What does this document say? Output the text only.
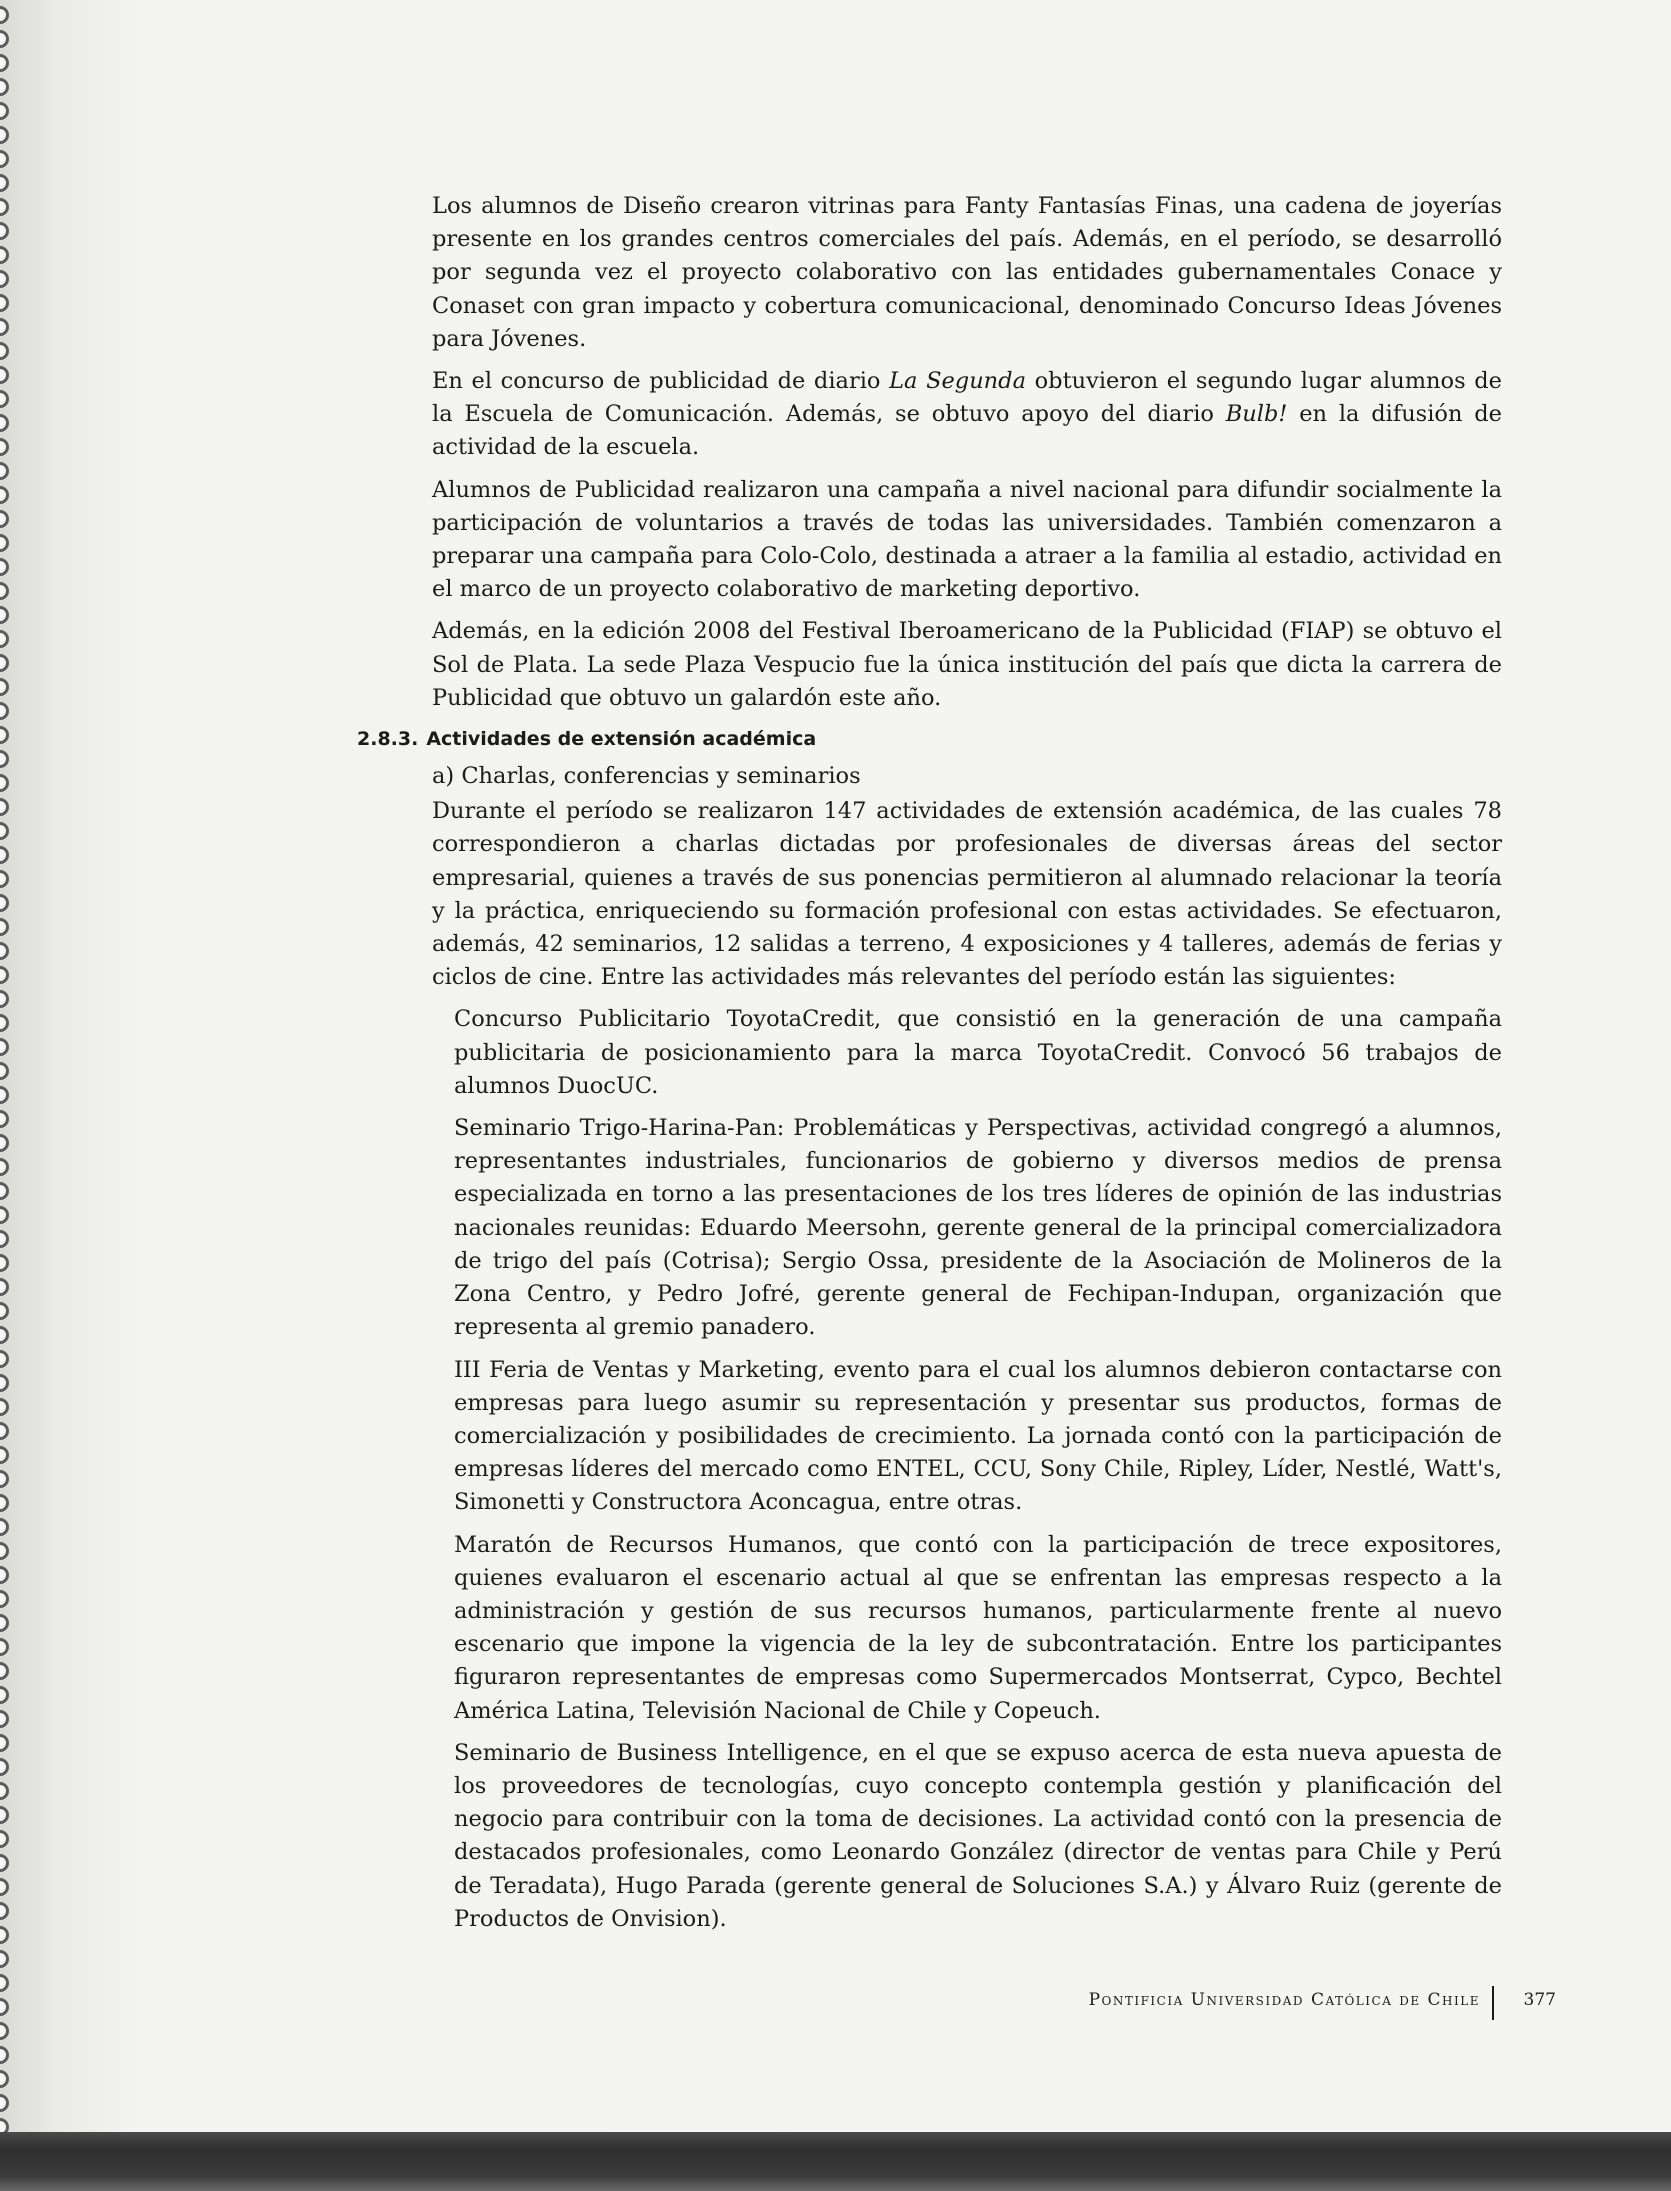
Los alumnos de Diseño crearon vitrinas para Fanty Fantasías Finas, una cadena de joyerías presente en los grandes centros comerciales del país. Además, en el período, se desarrolló por segunda vez el proyecto colaborativo con las entidades gubernamentales Conace y Conaset con gran impacto y cobertura comunicacional, denominado Concurso Ideas Jóvenes para Jóvenes.

En el concurso de publicidad de diario La Segunda obtuvieron el segundo lugar alumnos de la Escuela de Comunicación. Además, se obtuvo apoyo del diario Bulb! en la difusión de actividad de la escuela.

Alumnos de Publicidad realizaron una campaña a nivel nacional para difundir socialmente la participación de voluntarios a través de todas las universidades. También comenzaron a preparar una campaña para Colo-Colo, destinada a atraer a la familia al estadio, actividad en el marco de un proyecto colaborativo de marketing deportivo.

Además, en la edición 2008 del Festival Iberoamericano de la Publicidad (FIAP) se obtuvo el Sol de Plata. La sede Plaza Vespucio fue la única institución del país que dicta la carrera de Publicidad que obtuvo un galardón este año.

2.8.3. Actividades de extensión académica
a) Charlas, conferencias y seminarios

Durante el período se realizaron 147 actividades de extensión académica, de las cuales 78 correspondieron a charlas dictadas por profesionales de diversas áreas del sector empresarial, quienes a través de sus ponencias permitieron al alumnado relacionar la teoría y la práctica, enriqueciendo su formación profesional con estas actividades. Se efectuaron, además, 42 seminarios, 12 salidas a terreno, 4 exposiciones y 4 talleres, además de ferias y ciclos de cine. Entre las actividades más relevantes del período están las siguientes:

Concurso Publicitario ToyotaCredit, que consistió en la generación de una campaña publicitaria de posicionamiento para la marca ToyotaCredit. Convocó 56 trabajos de alumnos DuocUC.

Seminario Trigo-Harina-Pan: Problemáticas y Perspectivas, actividad congregó a alumnos, representantes industriales, funcionarios de gobierno y diversos medios de prensa especializada en torno a las presentaciones de los tres líderes de opinión de las industrias nacionales reunidas: Eduardo Meersohn, gerente general de la principal comercializadora de trigo del país (Cotrisa); Sergio Ossa, presidente de la Asociación de Molineros de la Zona Centro, y Pedro Jofré, gerente general de Fechipan-Indupan, organización que representa al gremio panadero.

III Feria de Ventas y Marketing, evento para el cual los alumnos debieron contactarse con empresas para luego asumir su representación y presentar sus productos, formas de comercialización y posibilidades de crecimiento. La jornada contó con la participación de empresas líderes del mercado como ENTEL, CCU, Sony Chile, Ripley, Líder, Nestlé, Watt's, Simonetti y Constructora Aconcagua, entre otras.

Maratón de Recursos Humanos, que contó con la participación de trece expositores, quienes evaluaron el escenario actual al que se enfrentan las empresas respecto a la administración y gestión de sus recursos humanos, particularmente frente al nuevo escenario que impone la vigencia de la ley de subcontratación. Entre los participantes figuraron representantes de empresas como Supermercados Montserrat, Cypco, Bechtel América Latina, Televisión Nacional de Chile y Copeuch.

Seminario de Business Intelligence, en el que se expuso acerca de esta nueva apuesta de los proveedores de tecnologías, cuyo concepto contempla gestión y planificación del negocio para contribuir con la toma de decisiones. La actividad contó con la presencia de destacados profesionales, como Leonardo González (director de ventas para Chile y Perú de Teradata), Hugo Parada (gerente general de Soluciones S.A.) y Álvaro Ruiz (gerente de Productos de Onvision).

Pontificia Universidad Católica de Chile	377
